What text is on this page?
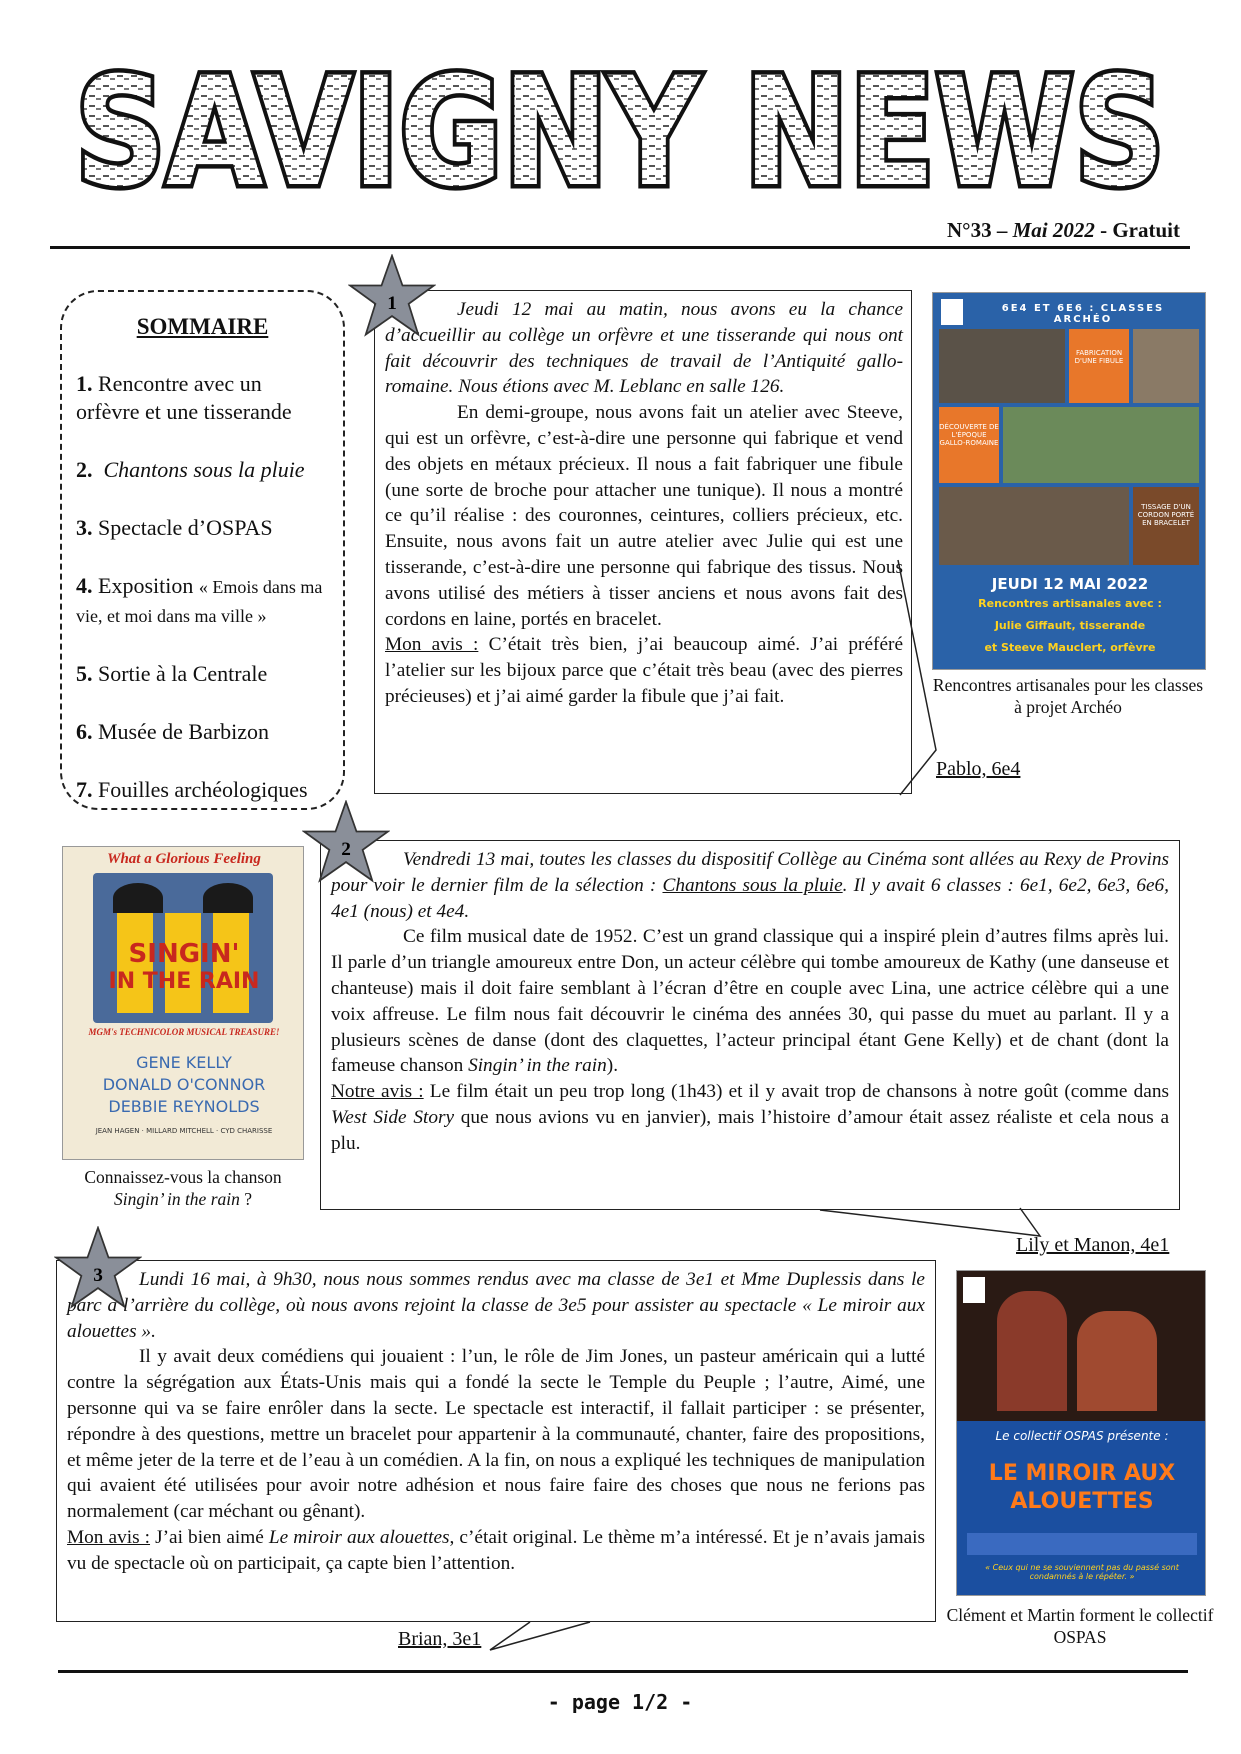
SAVIGNY NEWS
N°33 – Mai 2022 - Gratuit
SOMMAIRE
1. Rencontre avec un orfèvre et une tisserande
2. Chantons sous la pluie
3. Spectacle d’OSPAS
4. Exposition « Emois dans ma vie, et moi dans ma ville »
5. Sortie à la Centrale
6. Musée de Barbizon
7. Fouilles archéologiques

Jeudi 12 mai au matin, nous avons eu la chance d’accueillir au collège un orfèvre et une tisserande qui nous ont fait découvrir des techniques de travail de l’Antiquité gallo-romaine. Nous étions avec M. Leblanc en salle 126.

En demi-groupe, nous avons fait un atelier avec Steeve, qui est un orfèvre, c’est-à-dire une personne qui fabrique et vend des objets en métaux précieux. Il nous a fait fabriquer une fibule (une sorte de broche pour attacher une tunique). Il nous a montré ce qu’il réalise : des couronnes, ceintures, colliers précieux, etc. Ensuite, nous avons fait un autre atelier avec Julie qui est une tisserande, c’est-à-dire une personne qui fabrique des tissus. Nous avons utilisé des métiers à tisser anciens et nous avons fait des cordons en laine, portés en bracelet.

Mon avis : C’était très bien, j’ai beaucoup aimé. J’ai préféré l’atelier sur les bijoux parce que c’était très beau (avec des pierres précieuses) et j’ai aimé garder la fibule que j’ai fait.

1
Pablo, 6e4
6E4 ET 6E6 : CLASSES ARCHÉO
FABRICATION D'UNE FIBULE
DÉCOUVERTE DE L'ÉPOQUE GALLO-ROMAINE
TISSAGE D'UN CORDON PORTÉ EN BRACELET
JEUDI 12 MAI 2022
Rencontres artisanales avec :
Julie Giffault, tisserande
et Steeve Mauclert, orfèvre
Rencontres artisanales pour les classes à projet Archéo

Vendredi 13 mai, toutes les classes du dispositif Collège au Cinéma sont allées au Rexy de Provins pour voir le dernier film de la sélection : Chantons sous la pluie. Il y avait 6 classes : 6e1, 6e2, 6e3, 6e6, 4e1 (nous) et 4e4.

Ce film musical date de 1952. C’est un grand classique qui a inspiré plein d’autres films après lui. Il parle d’un triangle amoureux entre Don, un acteur célèbre qui tombe amoureux de Kathy (une danseuse et chanteuse) mais il doit faire semblant à l’écran d’être en couple avec Lina, une actrice célèbre qui a une voix affreuse. Le film nous fait découvrir le cinéma des années 30, qui passe du muet au parlant. Il y a plusieurs scènes de danse (dont des claquettes, l’acteur principal étant Gene Kelly) et de chant (dont la fameuse chanson Singin’ in the rain).

Notre avis : Le film était un peu trop long (1h43) et il y avait trop de chansons à notre goût (comme dans West Side Story que nous avions vu en janvier), mais l’histoire d’amour était assez réaliste et cela nous a plu.

2
Lily et Manon, 4e1
What a Glorious Feeling
SINGIN'
IN THE RAIN
MGM's TECHNICOLOR MUSICAL TREASURE!
GENE KELLY
DONALD O'CONNOR
DEBBIE REYNOLDS
JEAN HAGEN · MILLARD MITCHELL · CYD CHARISSE
Connaissez-vous la chanson
Singin’ in the rain ?

Lundi 16 mai, à 9h30, nous nous sommes rendus avec ma classe de 3e1 et Mme Duplessis dans le parc à l’arrière du collège, où nous avons rejoint la classe de 3e5 pour assister au spectacle « Le miroir aux alouettes ».

Il y avait deux comédiens qui jouaient : l’un, le rôle de Jim Jones, un pasteur américain qui a lutté contre la ségrégation aux États-Unis mais qui a fondé la secte le Temple du Peuple ; l’autre, Aimé, une personne qui va se faire enrôler dans la secte. Le spectacle est interactif, il fallait participer : se présenter, répondre à des questions, mettre un bracelet pour appartenir à la communauté, chanter, faire des propositions, et même jeter de la terre et de l’eau à un comédien. A la fin, on nous a expliqué les techniques de manipulation qui avaient été utilisées pour avoir notre adhésion et nous faire faire des choses que nous ne ferions pas normalement (car méchant ou gênant).

Mon avis : J’ai bien aimé Le miroir aux alouettes, c’était original. Le thème m’a intéressé. Et je n’avais jamais vu de spectacle où on participait, ça capte bien l’attention.

3
Brian, 3e1
Le collectif OSPAS présente :
LE MIROIR AUX
ALOUETTES
« Ceux qui ne se souviennent pas du passé sont condamnés à le répéter. »
Clément et Martin forment le collectif OSPAS
- page 1/2 -
